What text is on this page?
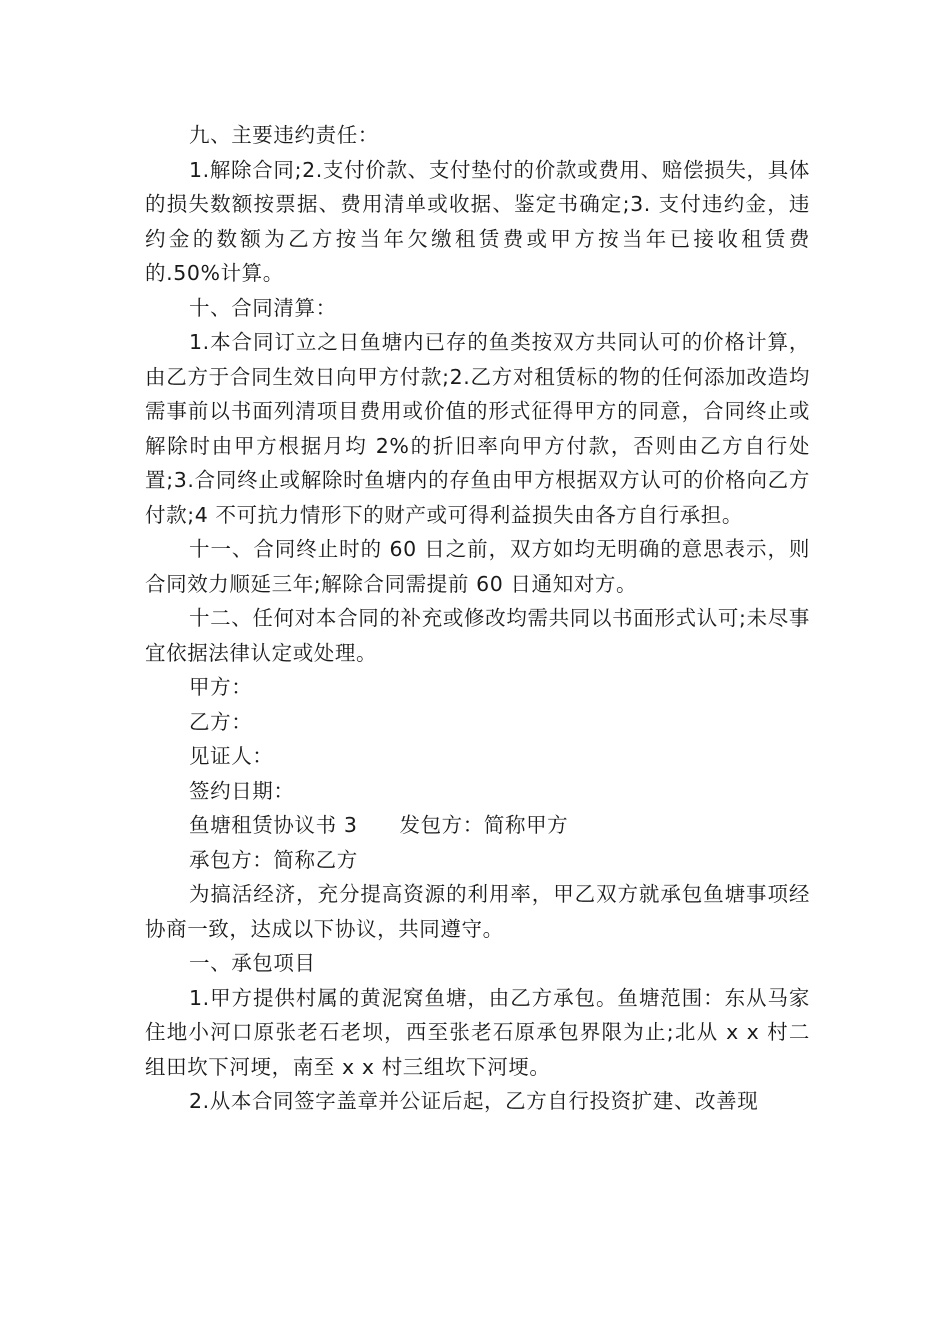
九、主要违约责任：

1.解除合同;2.支付价款、支付垫付的价款或费用、赔偿损失，具体的损失数额按票据、费用清单或收据、鉴定书确定;3. 支付违约金，违约金的数额为乙方按当年欠缴租赁费或甲方按当年已接收租赁费的.50%计算。

十、合同清算：

1.本合同订立之日鱼塘内已存的鱼类按双方共同认可的价格计算，由乙方于合同生效日向甲方付款;2.乙方对租赁标的物的任何添加改造均需事前以书面列清项目费用或价值的形式征得甲方的同意，合同终止或解除时由甲方根据月均 2%的折旧率向甲方付款，否则由乙方自行处置;3.合同终止或解除时鱼塘内的存鱼由甲方根据双方认可的价格向乙方付款;4 不可抗力情形下的财产或可得利益损失由各方自行承担。

十一、合同终止时的 60 日之前，双方如均无明确的意思表示，则合同效力顺延三年;解除合同需提前 60 日通知对方。

十二、任何对本合同的补充或修改均需共同以书面形式认可;未尽事宜依据法律认定或处理。

甲方：

乙方：

见证人：

签约日期：

鱼塘租赁协议书 3 发包方：简称甲方

承包方：简称乙方

为搞活经济，充分提高资源的利用率，甲乙双方就承包鱼塘事项经协商一致，达成以下协议，共同遵守。

一、承包项目

1.甲方提供村属的黄泥窝鱼塘，由乙方承包。鱼塘范围：东从马家住地小河口原张老石老坝，西至张老石原承包界限为止;北从 x x 村二组田坎下河埂，南至 x x 村三组坎下河埂。

2.从本合同签字盖章并公证后起，乙方自行投资扩建、改善现
